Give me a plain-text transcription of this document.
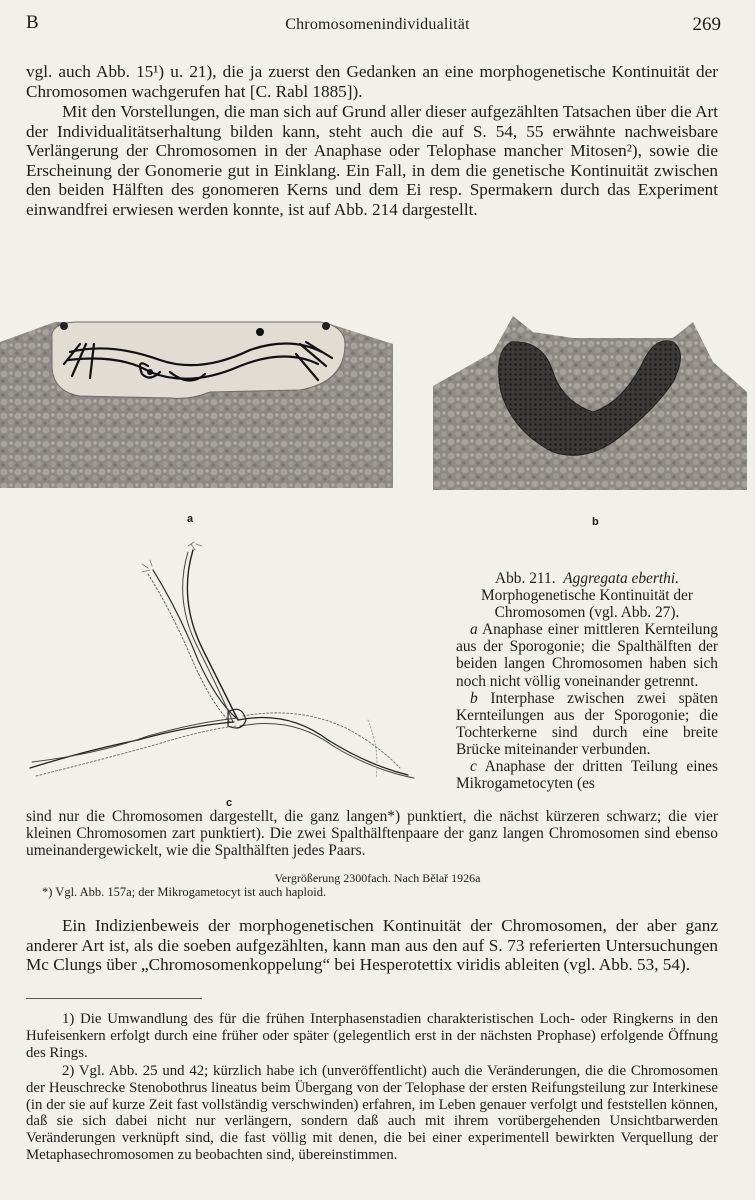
B	Chromosomenindividualität	269
vgl. auch Abb. 15¹) u. 21), die ja zuerst den Gedanken an eine morphogenetische Kontinuität der Chromosomen wachgerufen hat [C. Rabl 1885]).
Mit den Vorstellungen, die man sich auf Grund aller dieser aufgezählten Tatsachen über die Art der Individualitätserhaltung bilden kann, steht auch die auf S. 54, 55 erwähnte nachweisbare Verlängerung der Chromosomen in der Anaphase oder Telophase mancher Mitosen²), sowie die Erscheinung der Gonomerie gut in Einklang. Ein Fall, in dem die genetische Kontinuität zwischen den beiden Hälften des gonomeren Kerns und dem Ei resp. Spermakern durch das Experiment einwandfrei erwiesen werden konnte, ist auf Abb. 214 dargestellt.
a	b
c
Abb. 211. Aggregata eberthi.
Morphogenetische Kontinuität der Chromosomen (vgl. Abb. 27).
a Anaphase einer mittleren Kernteilung aus der Sporogonie; die Spalthälften der beiden langen Chromosomen haben sich noch nicht völlig voneinander getrennt.
b Interphase zwischen zwei späten Kernteilungen aus der Sporogonie; die Tochterkerne sind durch eine breite Brücke miteinander verbunden.
c Anaphase der dritten Teilung eines Mikrogametocyten (es
sind nur die Chromosomen dargestellt, die ganz langen*) punktiert, die nächst kürzeren schwarz; die vier kleinen Chromosomen zart punktiert). Die zwei Spalthälftenpaare der ganz langen Chromosomen sind ebenso umeinandergewickelt, wie die Spalthälften jedes Paars.
Vergrößerung 2300fach. Nach Bělař 1926a
*) Vgl. Abb. 157a; der Mikrogametocyt ist auch haploid.
Ein Indizienbeweis der morphogenetischen Kontinuität der Chromosomen, der aber ganz anderer Art ist, als die soeben aufgezählten, kann man aus den auf S. 73 referierten Untersuchungen Mc Clungs über „Chromosomenkoppelung“ bei Hesperotettix viridis ableiten (vgl. Abb. 53, 54).
1) Die Umwandlung des für die frühen Interphasenstadien charakteristischen Loch- oder Ringkerns in den Hufeisenkern erfolgt durch eine früher oder später (gelegentlich erst in der nächsten Prophase) erfolgende Öffnung des Rings.
2) Vgl. Abb. 25 und 42; kürzlich habe ich (unveröffentlicht) auch die Veränderungen, die die Chromosomen der Heuschrecke Stenobothrus lineatus beim Übergang von der Telophase der ersten Reifungsteilung zur Interkinese (in der sie auf kurze Zeit fast vollständig verschwinden) erfahren, im Leben genauer verfolgt und feststellen können, daß sie sich dabei nicht nur verlängern, sondern daß auch mit ihrem vorübergehenden Unsichtbarwerden Veränderungen verknüpft sind, die fast völlig mit denen, die bei einer experimentell bewirkten Verquellung der Metaphasechromosomen zu beobachten sind, übereinstimmen.
